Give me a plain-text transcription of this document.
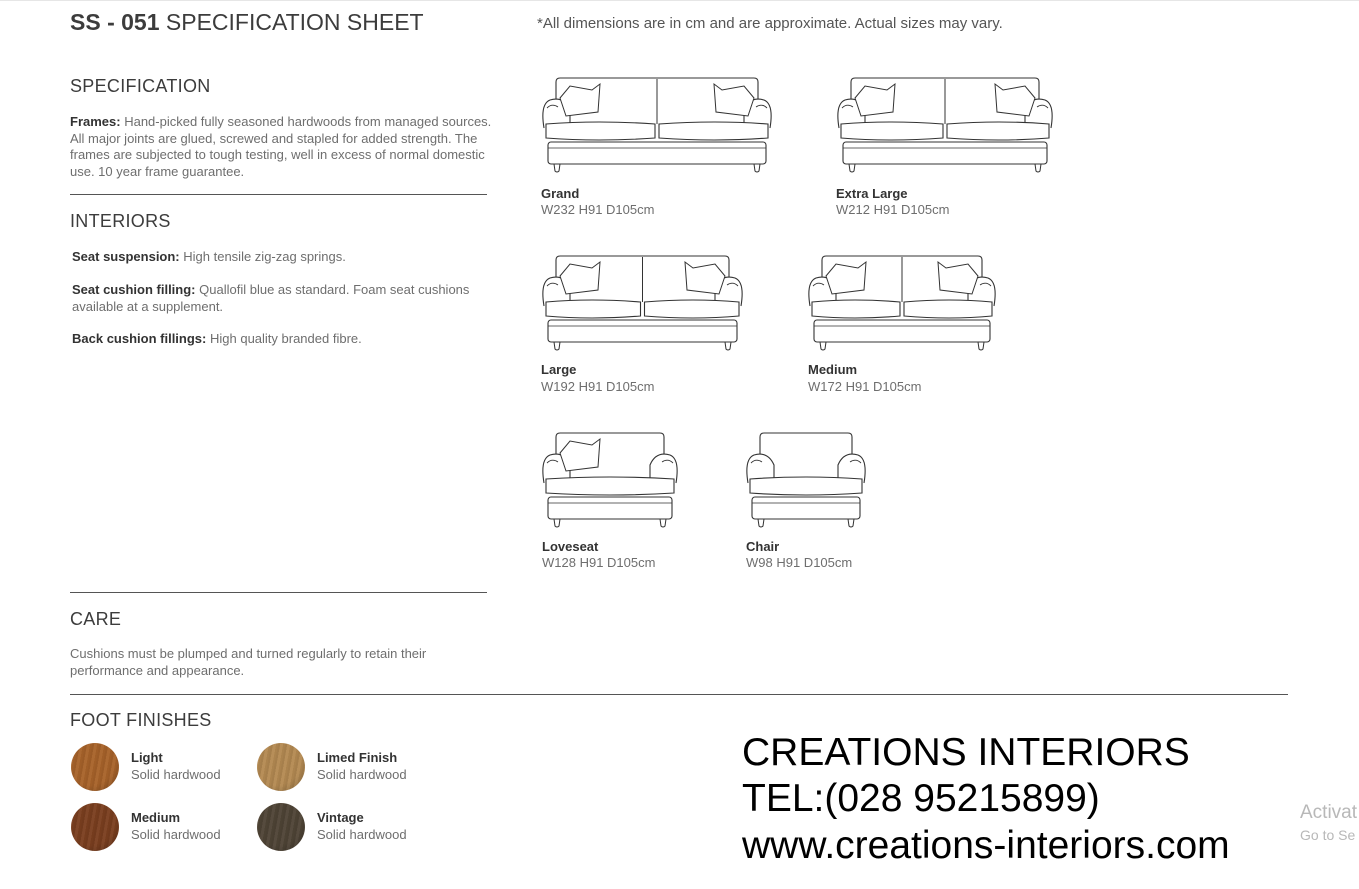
SS - 051 SPECIFICATION SHEET	*All dimensions are in cm and are approximate. Actual sizes may vary.
SPECIFICATION

Frames: Hand-picked fully seasoned hardwoods from managed sources. All major joints are glued, screwed and stapled for added strength. The frames are subjected to tough testing, well in excess of normal domestic use. 10 year frame guarantee.

INTERIORS

Seat suspension: High tensile zig-zag springs.

Seat cushion filling: Quallofil blue as standard. Foam seat cushions available at a supplement.

Back cushion fillings: High quality branded fibre.

CARE

Cushions must be plumped and turned regularly to retain their performance and appearance.

FOOT FINISHES
Light
Solid hardwood
Limed Finish
Solid hardwood
Medium
Solid hardwood
Vintage
Solid hardwood
Grand
W232 H91 D105cm
Extra Large
W212 H91 D105cm
Large
W192 H91 D105cm
Medium
W172 H91 D105cm
Loveseat
W128 H91 D105cm
Chair
W98 H91 D105cm
CREATIONS INTERIORS
TEL:(028 95215899)
www.creations-interiors.com
Activat
Go to Se
